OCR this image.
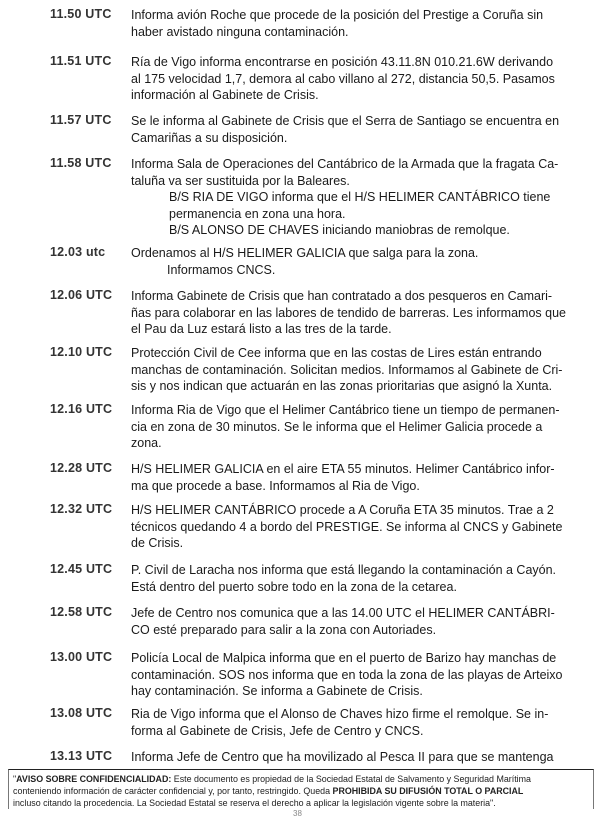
11.50 UTC Informa avión Roche que procede de la posición del Prestige a Coruña sin
haber avistado ninguna contaminación.
11.51 UTC Ría de Vigo informa encontrarse en posición 43.11.8N 010.21.6W derivando
al 175 velocidad 1,7, demora al cabo villano al 272, distancia 50,5. Pasamos
información al Gabinete de Crisis.
11.57 UTC Se le informa al Gabinete de Crisis que el Serra de Santiago se encuentra en
Camariñas a su disposición.
11.58 UTC Informa Sala de Operaciones del Cantábrico de la Armada que la fragata Ca-
taluña va ser sustituida por la Baleares.
B/S RIA DE VIGO informa que el H/S HELIMER CANTÁBRICO tiene
permanencia en zona una hora.
B/S ALONSO DE CHAVES iniciando maniobras de remolque.
12.03 utc Ordenamos al H/S HELIMER GALICIA que salga para la zona.
Informamos CNCS.
12.06 UTC Informa Gabinete de Crisis que han contratado a dos pesqueros en Camari-
ñas para colaborar en las labores de tendido de barreras. Les informamos que
el Pau da Luz estará listo a las tres de la tarde.
12.10 UTC Protección Civil de Cee informa que en las costas de Lires están entrando
manchas de contaminación. Solicitan medios. Informamos al Gabinete de Cri-
sis y nos indican que actuarán en las zonas prioritarias que asignó la Xunta.
12.16 UTC Informa Ria de Vigo que el Helimer Cantábrico tiene un tiempo de permanen-
cia en zona de 30 minutos. Se le informa que el Helimer Galicia procede a
zona.
12.28 UTC H/S HELIMER GALICIA en el aire ETA 55 minutos. Helimer Cantábrico infor-
ma que procede a base. Informamos al Ria de Vigo.
12.32 UTC H/S HELIMER CANTÁBRICO procede a A Coruña ETA 35 minutos. Trae a 2
técnicos quedando 4 a bordo del PRESTIGE. Se informa al CNCS y Gabinete
de Crisis.
12.45 UTC P. Civil de Laracha nos informa que está llegando la contaminación a Cayón.
Está dentro del puerto sobre todo en la zona de la cetarea.
12.58 UTC Jefe de Centro nos comunica que a las 14.00 UTC el HELIMER CANTÁBRI-
CO esté preparado para salir a la zona con Autoriades.
13.00 UTC Policía Local de Malpica informa que en el puerto de Barizo hay manchas de
contaminación. SOS nos informa que en toda la zona de las playas de Arteixo
hay contaminación. Se informa a Gabinete de Crisis.
13.08 UTC Ria de Vigo informa que el Alonso de Chaves hizo firme el remolque. Se in-
forma al Gabinete de Crisis, Jefe de Centro y CNCS.
13.13 UTC Informa Jefe de Centro que ha movilizado al Pesca II para que se mantenga
"AVISO SOBRE CONFIDENCIALIDAD: Este documento es propiedad de la Sociedad Estatal de Salvamento y Seguridad Marítima
conteniendo información de carácter confidencial y, por tanto, restringido. Queda PROHIBIDA SU DIFUSIÓN TOTAL O PARCIAL
incluso citando la procedencia. La Sociedad Estatal se reserva el derecho a aplicar la legislación vigente sobre la materia".
38
